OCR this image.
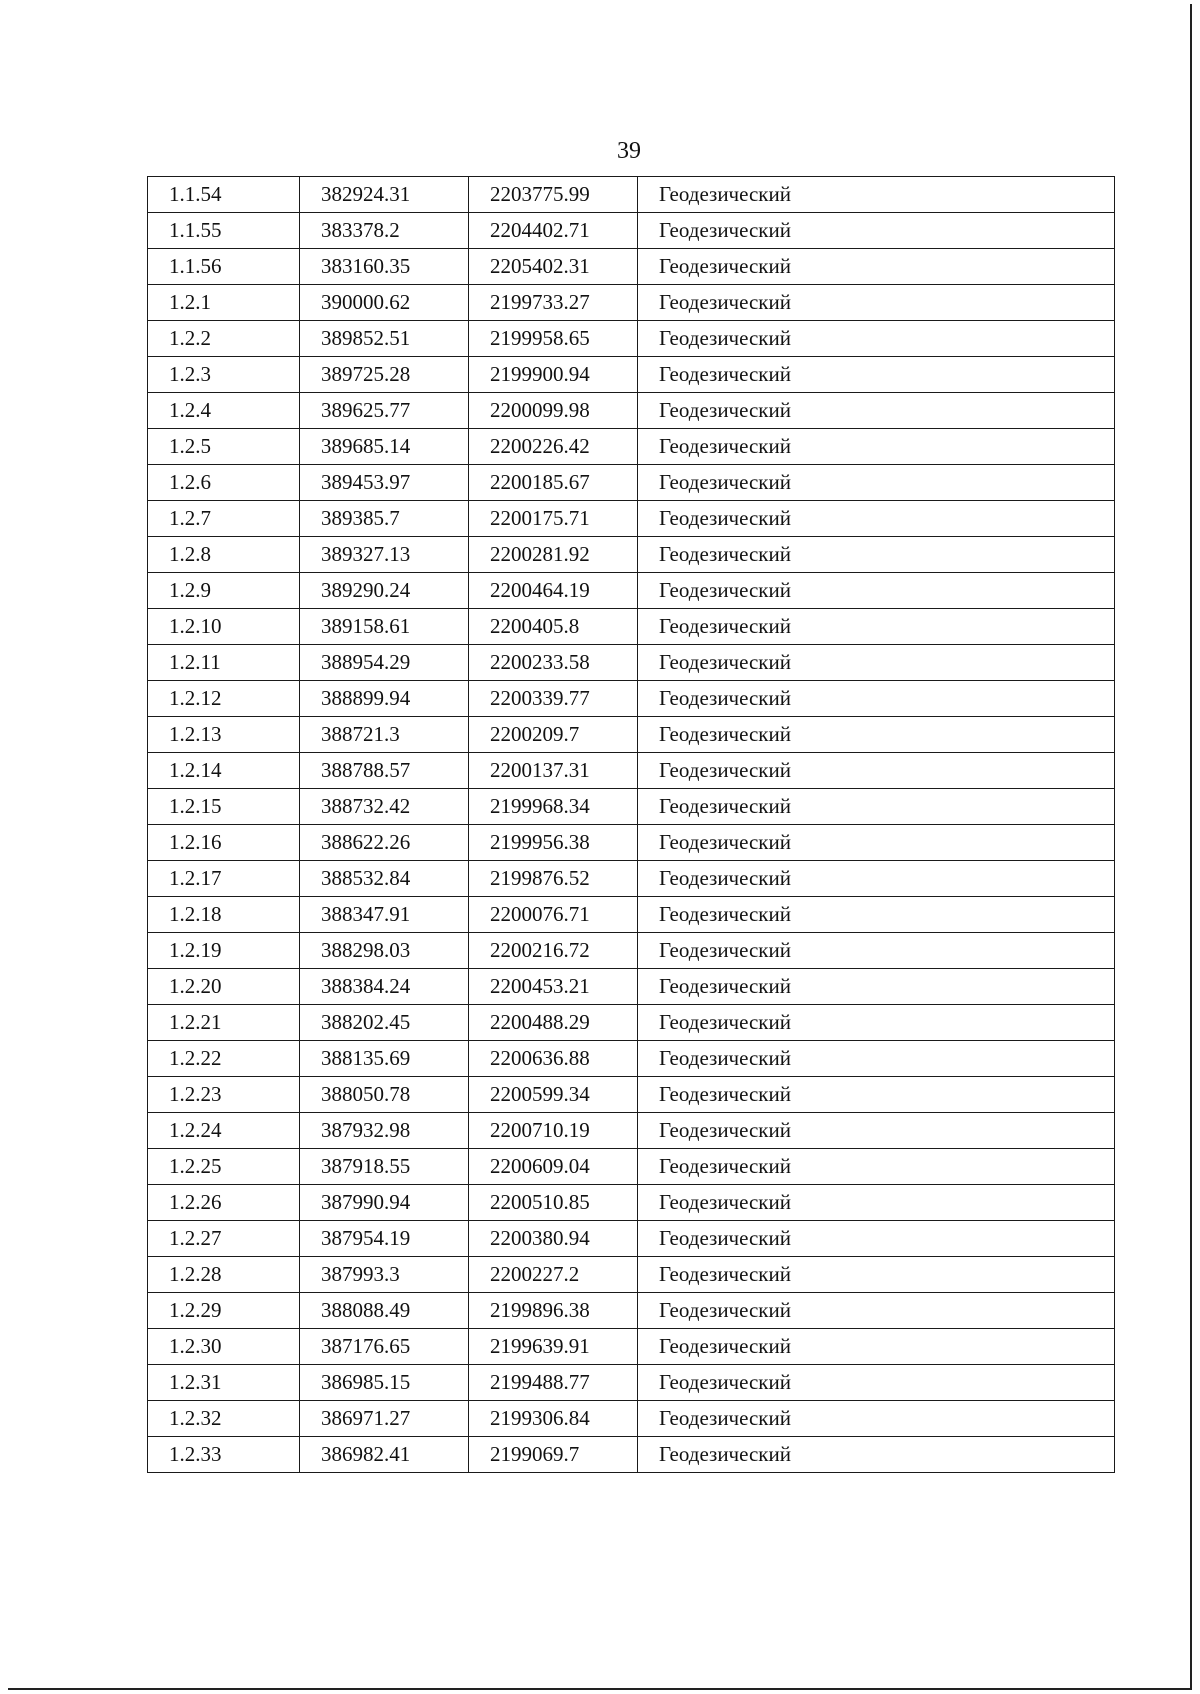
39
1.1.54	382924.31	2203775.99	Геодезический
1.1.55	383378.2	2204402.71	Геодезический
1.1.56	383160.35	2205402.31	Геодезический
1.2.1	390000.62	2199733.27	Геодезический
1.2.2	389852.51	2199958.65	Геодезический
1.2.3	389725.28	2199900.94	Геодезический
1.2.4	389625.77	2200099.98	Геодезический
1.2.5	389685.14	2200226.42	Геодезический
1.2.6	389453.97	2200185.67	Геодезический
1.2.7	389385.7	2200175.71	Геодезический
1.2.8	389327.13	2200281.92	Геодезический
1.2.9	389290.24	2200464.19	Геодезический
1.2.10	389158.61	2200405.8	Геодезический
1.2.11	388954.29	2200233.58	Геодезический
1.2.12	388899.94	2200339.77	Геодезический
1.2.13	388721.3	2200209.7	Геодезический
1.2.14	388788.57	2200137.31	Геодезический
1.2.15	388732.42	2199968.34	Геодезический
1.2.16	388622.26	2199956.38	Геодезический
1.2.17	388532.84	2199876.52	Геодезический
1.2.18	388347.91	2200076.71	Геодезический
1.2.19	388298.03	2200216.72	Геодезический
1.2.20	388384.24	2200453.21	Геодезический
1.2.21	388202.45	2200488.29	Геодезический
1.2.22	388135.69	2200636.88	Геодезический
1.2.23	388050.78	2200599.34	Геодезический
1.2.24	387932.98	2200710.19	Геодезический
1.2.25	387918.55	2200609.04	Геодезический
1.2.26	387990.94	2200510.85	Геодезический
1.2.27	387954.19	2200380.94	Геодезический
1.2.28	387993.3	2200227.2	Геодезический
1.2.29	388088.49	2199896.38	Геодезический
1.2.30	387176.65	2199639.91	Геодезический
1.2.31	386985.15	2199488.77	Геодезический
1.2.32	386971.27	2199306.84	Геодезический
1.2.33	386982.41	2199069.7	Геодезический
